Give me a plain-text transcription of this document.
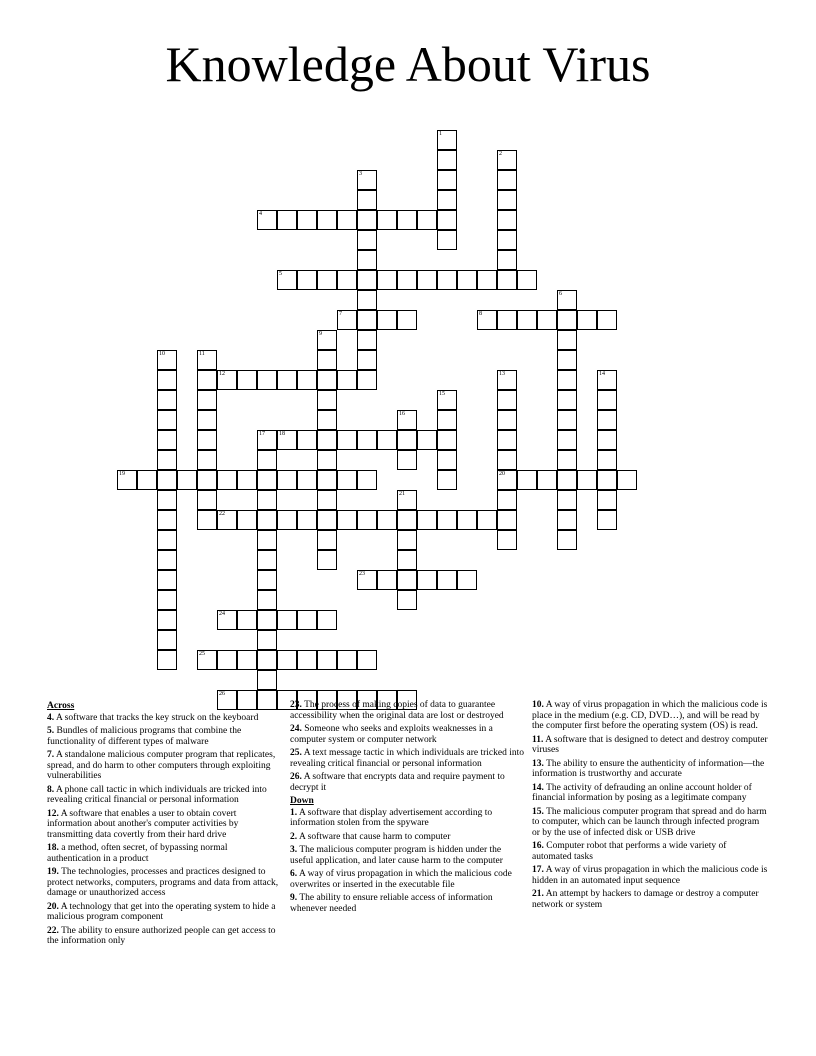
Knowledge About Virus
4
5
7	8
12
18
19	20
22
23
24
25
26
1
2
3
6
9
10	11
13	14
15
16
17
21
Across
4. A software that tracks the key struck on the keyboard
5. Bundles of malicious programs that combine the functionality of different types of malware
7. A standalone malicious computer program that replicates, spread, and do harm to other computers through exploiting vulnerabilities
8. A phone call tactic in which individuals are tricked into revealing critical financial or personal information
12. A software that enables a user to obtain covert information about another's computer activities by transmitting data covertly from their hard drive
18. a method, often secret, of bypassing normal authentication in a product
19. The technologies, processes and practices designed to protect networks, computers, programs and data from attack, damage or unauthorized access
20. A technology that get into the operating system to hide a malicious program component
22. The ability to ensure authorized people can get access to the information only
23. The process of making copies of data to guarantee accessibility when the original data are lost or destroyed
24. Someone who seeks and exploits weaknesses in a computer system or computer network
25. A text message tactic in which individuals are tricked into revealing critical financial or personal information
26. A software that encrypts data and require payment to decrypt it
Down
1. A software that display advertisement according to information stolen from the spyware
2. A software that cause harm to computer
3. The malicious computer program is hidden under the useful application, and later cause harm to the computer
6. A way of virus propagation in which the malicious code overwrites or inserted in the executable file
9. The ability to ensure reliable access of information whenever needed
10. A way of virus propagation in which the malicious code is place in the medium (e.g. CD, DVD…), and will be read by the computer first before the operating system (OS) is read.
11. A software that is designed to detect and destroy computer viruses
13. The ability to ensure the authenticity of information—the information is trustworthy and accurate
14. The activity of defrauding an online account holder of financial information by posing as a legitimate company
15. The malicious computer program that spread and do harm to computer, which can be launch through infected program or by the use of infected disk or USB drive
16. Computer robot that performs a wide variety of automated tasks
17. A way of virus propagation in which the malicious code is hidden in an automated input sequence
21. An attempt by hackers to damage or destroy a computer network or system
